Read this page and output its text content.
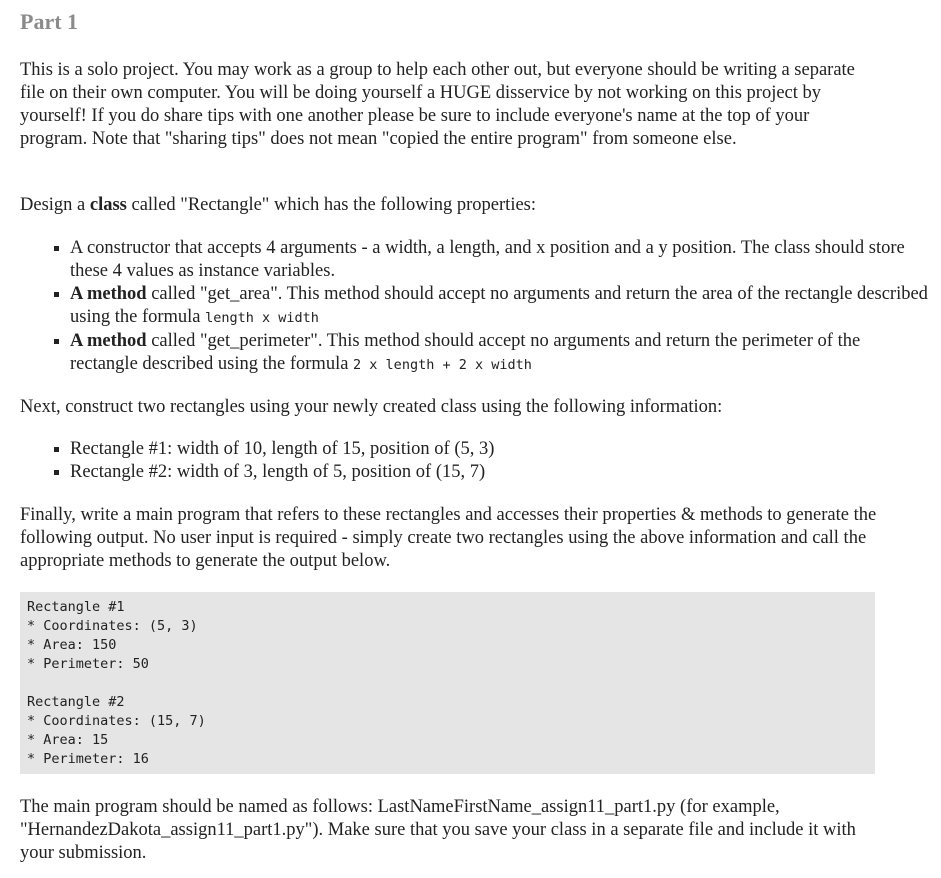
Part 1

This is a solo project. You may work as a group to help each other out, but everyone should be writing a separate file on their own computer. You will be doing yourself a HUGE disservice by not working on this project by yourself! If you do share tips with one another please be sure to include everyone's name at the top of your program. Note that "sharing tips" does not mean "copied the entire program" from someone else.

Design a class called "Rectangle" which has the following properties:

A constructor that accepts 4 arguments - a width, a length, and x position and a y position. The class should store these 4 values as instance variables.
A method called "get_area". This method should accept no arguments and return the area of the rectangle described using the formula length x width
A method called "get_perimeter". This method should accept no arguments and return the perimeter of the rectangle described using the formula 2 x length + 2 x width

Next, construct two rectangles using your newly created class using the following information:

Rectangle #1: width of 10, length of 15, position of (5, 3)
Rectangle #2: width of 3, length of 5, position of (15, 7)

Finally, write a main program that refers to these rectangles and accesses their properties & methods to generate the following output. No user input is required - simply create two rectangles using the above information and call the appropriate methods to generate the output below.

Rectangle #1
* Coordinates: (5, 3)
* Area: 150
* Perimeter: 50
Rectangle #2
* Coordinates: (15, 7)
* Area: 15
* Perimeter: 16

The main program should be named as follows: LastNameFirstName_assign11_part1.py (for example, "HernandezDakota_assign11_part1.py"). Make sure that you save your class in a separate file and include it with your submission.
